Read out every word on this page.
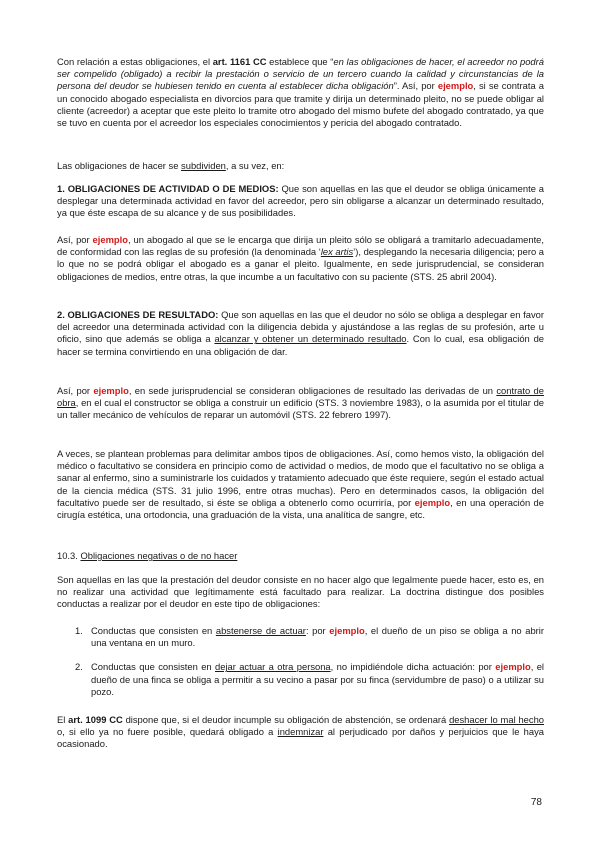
Con relación a estas obligaciones, el art. 1161 CC establece que “en las obligaciones de hacer, el acreedor no podrá ser compelido (obligado) a recibir la prestación o servicio de un tercero cuando la calidad y circunstancias de la persona del deudor se hubiesen tenido en cuenta al establecer dicha obligación”. Así, por ejemplo, si se contrata a un conocido abogado especialista en divorcios para que tramite y dirija un determinado pleito, no se puede obligar al cliente (acreedor) a aceptar que este pleito lo tramite otro abogado del mismo bufete del abogado contratado, ya que se tuvo en cuenta por el acreedor los especiales conocimientos y pericia del abogado contratado.

Las obligaciones de hacer se subdividen, a su vez, en:

1. OBLIGACIONES DE ACTIVIDAD O DE MEDIOS: Que son aquellas en las que el deudor se obliga únicamente a desplegar una determinada actividad en favor del acreedor, pero sin obligarse a alcanzar un determinado resultado, ya que éste escapa de su alcance y de sus posibilidades.

Así, por ejemplo, un abogado al que se le encarga que dirija un pleito sólo se obligará a tramitarlo adecuadamente, de conformidad con las reglas de su profesión (la denominada ‘lex artis’), desplegando la necesaria diligencia; pero a lo que no se podrá obligar el abogado es a ganar el pleito. Igualmente, en sede jurisprudencial, se consideran obligaciones de medios, entre otras, la que incumbe a un facultativo con su paciente (STS. 25 abril 2004).

2. OBLIGACIONES DE RESULTADO: Que son aquellas en las que el deudor no sólo se obliga a desplegar en favor del acreedor una determinada actividad con la diligencia debida y ajustándose a las reglas de su profesión, arte u oficio, sino que además se obliga a alcanzar y obtener un determinado resultado. Con lo cual, esa obligación de hacer se termina convirtiendo en una obligación de dar.

Así, por ejemplo, en sede jurisprudencial se consideran obligaciones de resultado las derivadas de un contrato de obra, en el cual el constructor se obliga a construir un edificio (STS. 3 noviembre 1983), o la asumida por el titular de un taller mecánico de vehículos de reparar un automóvil (STS. 22 febrero 1997).

A veces, se plantean problemas para delimitar ambos tipos de obligaciones. Así, como hemos visto, la obligación del médico o facultativo se considera en principio como de actividad o medios, de modo que el facultativo no se obliga a sanar al enfermo, sino a suministrarle los cuidados y tratamiento adecuado que éste requiere, según el estado actual de la ciencia médica (STS. 31 julio 1996, entre otras muchas). Pero en determinados casos, la obligación del facultativo puede ser de resultado, si éste se obliga a obtenerlo como ocurriría, por ejemplo, en una operación de cirugía estética, una ortodoncia, una graduación de la vista, una analítica de sangre, etc.

10.3. Obligaciones negativas o de no hacer

Son aquellas en las que la prestación del deudor consiste en no hacer algo que legalmente puede hacer, esto es, en no realizar una actividad que legítimamente está facultado para realizar. La doctrina distingue dos posibles conductas a realizar por el deudor en este tipo de obligaciones:

1. Conductas que consisten en abstenerse de actuar: por ejemplo, el dueño de un piso se obliga a no abrir una ventana en un muro.
2. Conductas que consisten en dejar actuar a otra persona, no impidiéndole dicha actuación: por ejemplo, el dueño de una finca se obliga a permitir a su vecino a pasar por su finca (servidumbre de paso) o a utilizar su pozo.

El art. 1099 CC dispone que, si el deudor incumple su obligación de abstención, se ordenará deshacer lo mal hecho o, si ello ya no fuere posible, quedará obligado a indemnizar al perjudicado por daños y perjuicios que le haya ocasionado.

78
